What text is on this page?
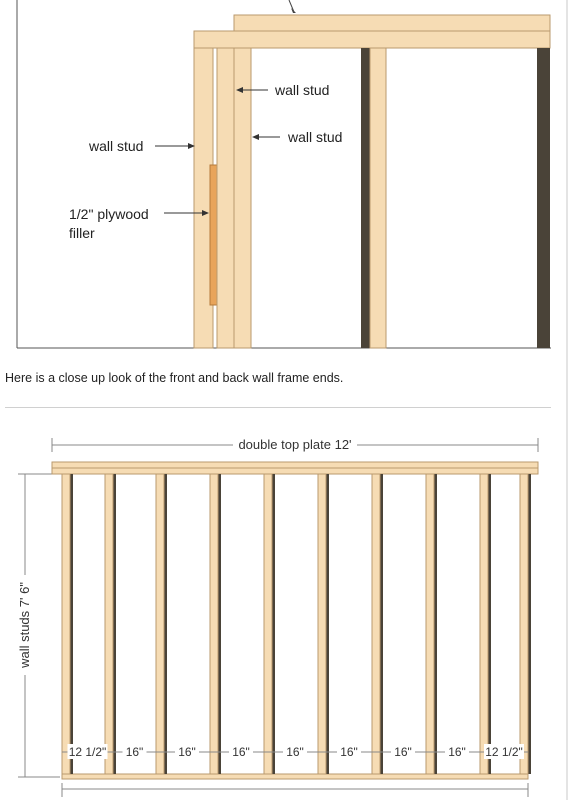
wall stud
wall stud
wall stud
1/2" plywood
filler
Here is a close up look of the front and back wall frame ends.
double top plate 12'
wall studs 7' 6"
12 1/2" 16"	16"	16"	16"	16"	16"	16" 12 1/2"
